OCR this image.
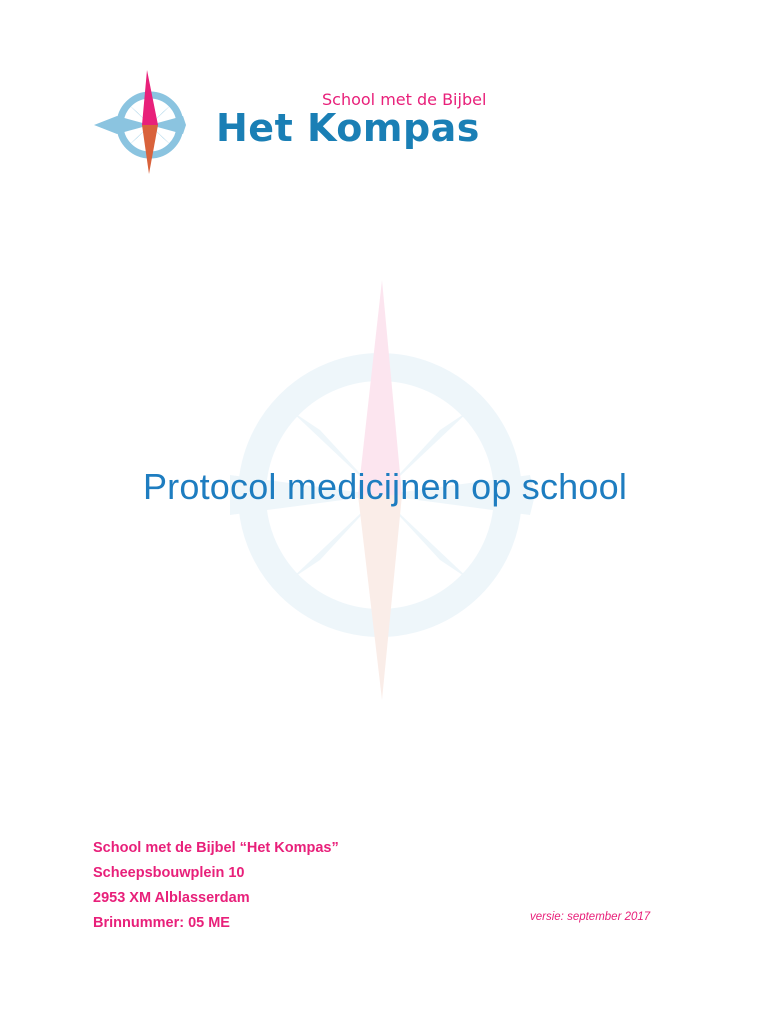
School met de Bijbel
Het Kompas
Protocol medicijnen op school
School met de Bijbel “Het Kompas”
Scheepsbouwplein 10
2953 XM Alblasserdam
Brinnummer: 05 ME	versie: september 2017
